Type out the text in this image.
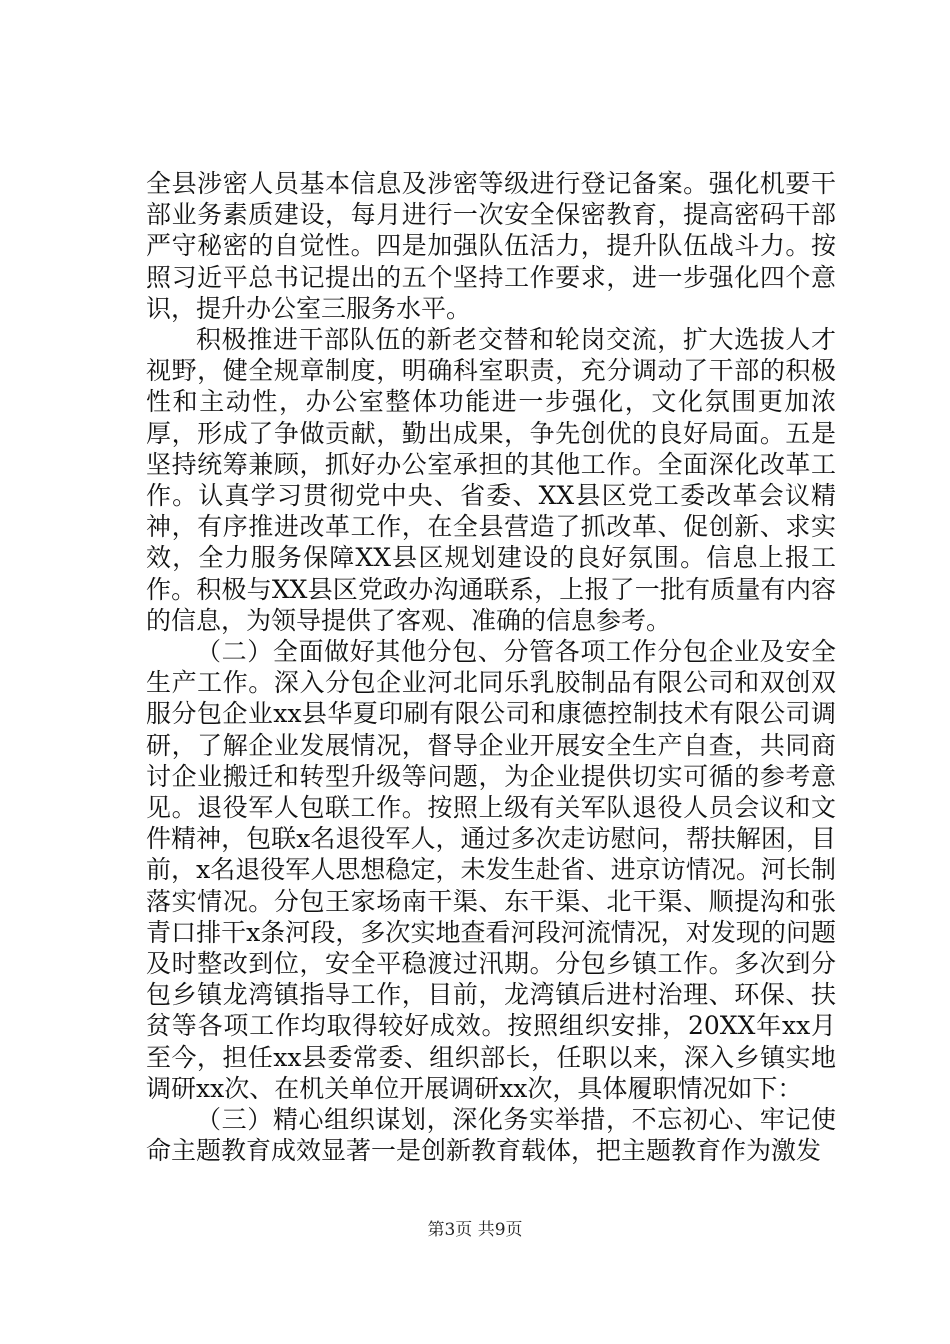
全县涉密人员基本信息及涉密等级进行登记备案。强化机要干部业务素质建设，每月进行一次安全保密教育，提高密码干部严守秘密的自觉性。四是加强队伍活力，提升队伍战斗力。按照习近平总书记提出的五个坚持工作要求，进一步强化四个意识，提升办公室三服务水平。

积极推进干部队伍的新老交替和轮岗交流，扩大选拔人才视野，健全规章制度，明确科室职责，充分调动了干部的积极性和主动性，办公室整体功能进一步强化，文化氛围更加浓厚，形成了争做贡献，勤出成果，争先创优的良好局面。五是坚持统筹兼顾，抓好办公室承担的其他工作。全面深化改革工作。认真学习贯彻党中央、省委、XX县区党工委改革会议精神，有序推进改革工作，在全县营造了抓改革、促创新、求实效，全力服务保障XX县区规划建设的良好氛围。信息上报工作。积极与XX县区党政办沟通联系，上报了一批有质量有内容的信息，为领导提供了客观、准确的信息参考。

（二）全面做好其他分包、分管各项工作分包企业及安全生产工作。深入分包企业河北同乐乳胶制品有限公司和双创双服分包企业xx县华夏印刷有限公司和康德控制技术有限公司调研，了解企业发展情况，督导企业开展安全生产自查，共同商讨企业搬迁和转型升级等问题，为企业提供切实可循的参考意见。退役军人包联工作。按照上级有关军队退役人员会议和文件精神，包联x名退役军人，通过多次走访慰问，帮扶解困，目前，x名退役军人思想稳定，未发生赴省、进京访情况。河长制落实情况。分包王家场南干渠、东干渠、北干渠、顺提沟和张青口排干x条河段，多次实地查看河段河流情况，对发现的问题及时整改到位，安全平稳渡过汛期。分包乡镇工作。多次到分包乡镇龙湾镇指导工作，目前，龙湾镇后进村治理、环保、扶贫等各项工作均取得较好成效。按照组织安排，20XX年xx月至今，担任xx县委常委、组织部长，任职以来，深入乡镇实地调研xx次、在机关单位开展调研xx次，具体履职情况如下：

（三）精心组织谋划，深化务实举措，不忘初心、牢记使命主题教育成效显著一是创新教育载体，把主题教育作为激发

第3页 共9页
